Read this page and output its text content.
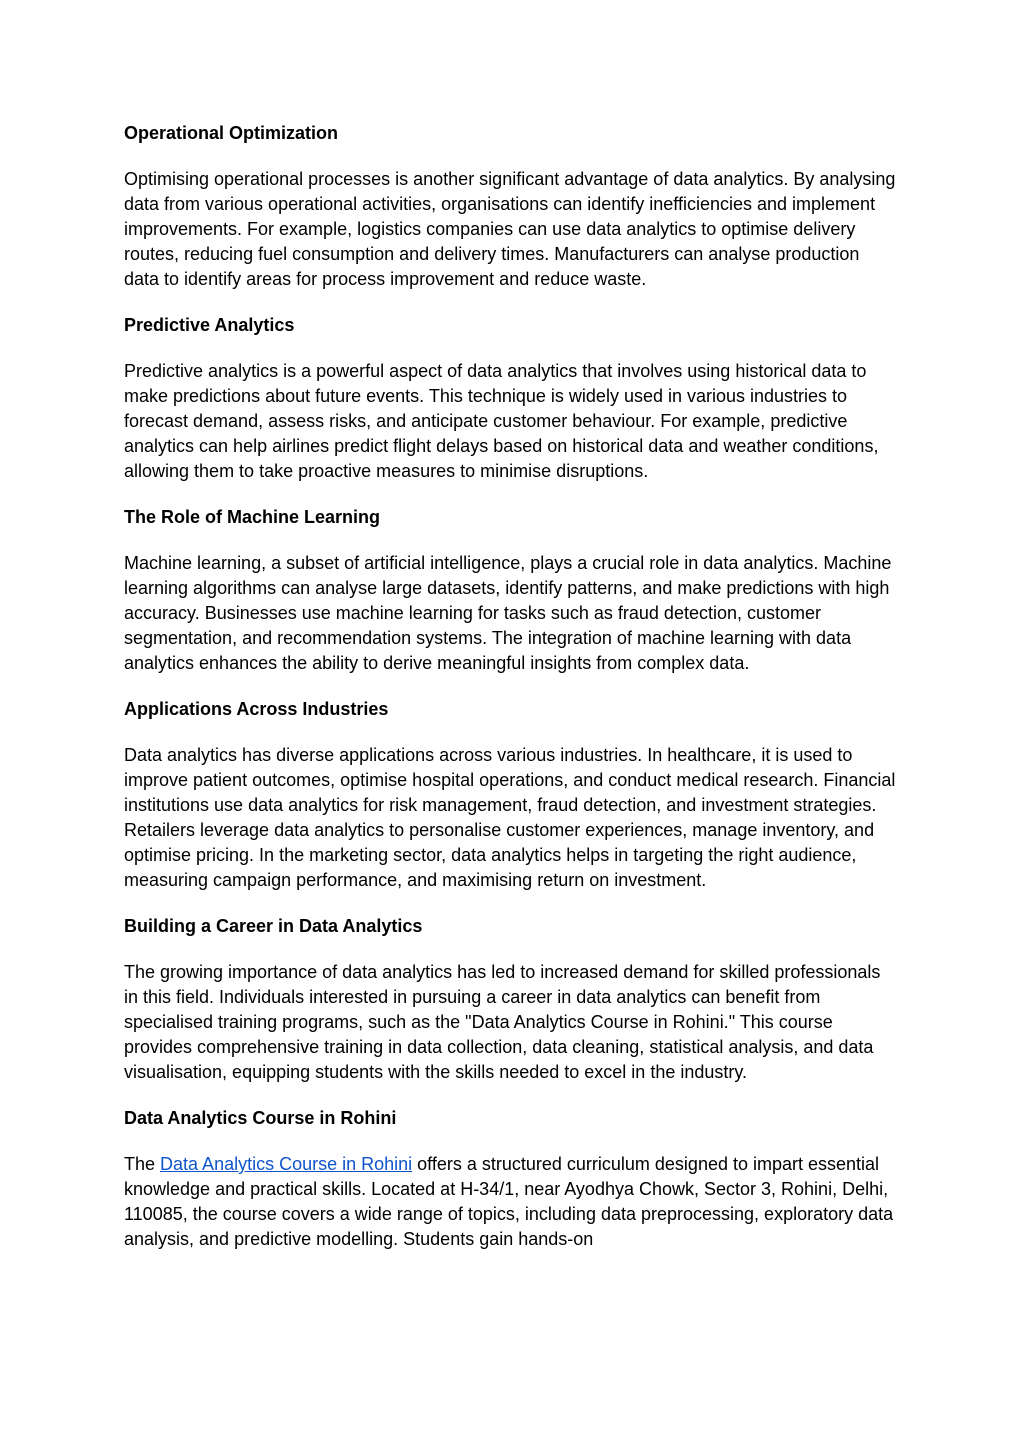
Operational Optimization

Optimising operational processes is another significant advantage of data analytics. By analysing data from various operational activities, organisations can identify inefficiencies and implement improvements. For example, logistics companies can use data analytics to optimise delivery routes, reducing fuel consumption and delivery times. Manufacturers can analyse production data to identify areas for process improvement and reduce waste.

Predictive Analytics

Predictive analytics is a powerful aspect of data analytics that involves using historical data to make predictions about future events. This technique is widely used in various industries to forecast demand, assess risks, and anticipate customer behaviour. For example, predictive analytics can help airlines predict flight delays based on historical data and weather conditions, allowing them to take proactive measures to minimise disruptions.

The Role of Machine Learning

Machine learning, a subset of artificial intelligence, plays a crucial role in data analytics. Machine learning algorithms can analyse large datasets, identify patterns, and make predictions with high accuracy. Businesses use machine learning for tasks such as fraud detection, customer segmentation, and recommendation systems. The integration of machine learning with data analytics enhances the ability to derive meaningful insights from complex data.

Applications Across Industries

Data analytics has diverse applications across various industries. In healthcare, it is used to improve patient outcomes, optimise hospital operations, and conduct medical research. Financial institutions use data analytics for risk management, fraud detection, and investment strategies. Retailers leverage data analytics to personalise customer experiences, manage inventory, and optimise pricing. In the marketing sector, data analytics helps in targeting the right audience, measuring campaign performance, and maximising return on investment.

Building a Career in Data Analytics

The growing importance of data analytics has led to increased demand for skilled professionals in this field. Individuals interested in pursuing a career in data analytics can benefit from specialised training programs, such as the "Data Analytics Course in Rohini." This course provides comprehensive training in data collection, data cleaning, statistical analysis, and data visualisation, equipping students with the skills needed to excel in the industry.

Data Analytics Course in Rohini

The Data Analytics Course in Rohini offers a structured curriculum designed to impart essential knowledge and practical skills. Located at H-34/1, near Ayodhya Chowk, Sector 3, Rohini, Delhi, 110085, the course covers a wide range of topics, including data preprocessing, exploratory data analysis, and predictive modelling. Students gain hands-on
